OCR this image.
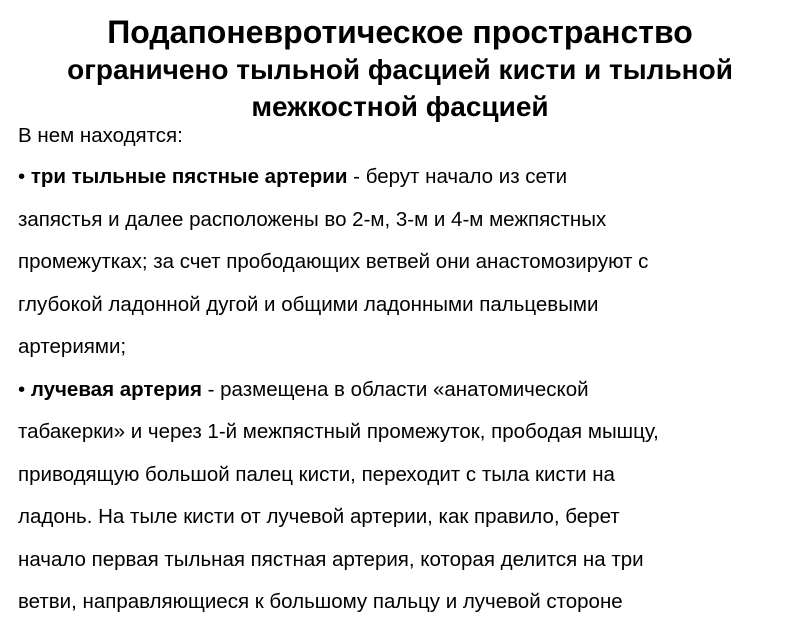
Подапоневротическое пространство
ограничено тыльной фасцией кисти и тыльной
межкостной фасцией
В нем находятся:
• три тыльные пястные артерии - берут начало из сети
запястья и далее расположены во 2-м, 3-м и 4-м межпястных
промежутках; за счет прободающих ветвей они анастомозируют с
глубокой ладонной дугой и общими ладонными пальцевыми
артериями;
• лучевая артерия - размещена в области «анатомической
табакерки» и через 1-й межпястный промежуток, прободая мышцу,
приводящую большой палец кисти, переходит с тыла кисти на
ладонь. На тыле кисти от лучевой артерии, как правило, берет
начало первая тыльная пястная артерия, которая делится на три
ветви, направляющиеся к большому пальцу и лучевой стороне
